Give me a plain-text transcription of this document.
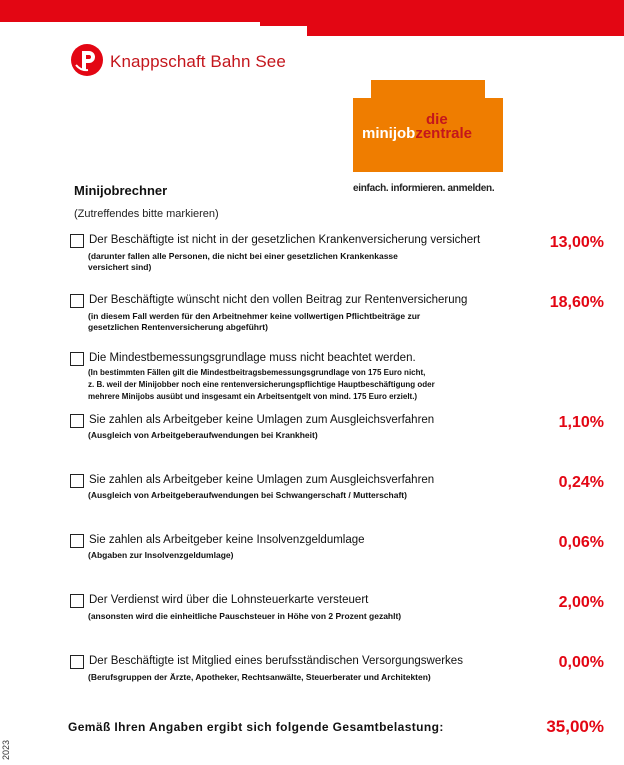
Knappschaft Bahn See
die
minijobzentrale
einfach. informieren. anmelden.
Minijobrechner
(Zutreffendes bitte markieren)
Der Beschäftigte ist nicht in der gesetzlichen Krankenversicherung versichert
(darunter fallen alle Personen, die nicht bei einer gesetzlichen Krankenkasse
versichert sind)
13,00%
Der Beschäftigte wünscht nicht den vollen Beitrag zur Rentenversicherung
(in diesem Fall werden für den Arbeitnehmer keine vollwertigen Pflichtbeiträge zur
gesetzlichen Rentenversicherung abgeführt)
18,60%
Die Mindestbemessungsgrundlage muss nicht beachtet werden.
(In bestimmten Fällen gilt die Mindestbeitragsbemessungsgrundlage von 175 Euro nicht,
z. B. weil der Minijobber noch eine rentenversicherungspflichtige Hauptbeschäftigung oder
mehrere Minijobs ausübt und insgesamt ein Arbeitsentgelt von mind. 175 Euro erzielt.)
Sie zahlen als Arbeitgeber keine Umlagen zum Ausgleichsverfahren
(Ausgleich von Arbeitgeberaufwendungen bei Krankheit)
1,10%
Sie zahlen als Arbeitgeber keine Umlagen zum Ausgleichsverfahren
(Ausgleich von Arbeitgeberaufwendungen bei Schwangerschaft / Mutterschaft)
0,24%
Sie zahlen als Arbeitgeber keine Insolvenzgeldumlage
(Abgaben zur Insolvenzgeldumlage)
0,06%
Der Verdienst wird über die Lohnsteuerkarte versteuert
(ansonsten wird die einheitliche Pauschsteuer in Höhe von 2 Prozent gezahlt)
2,00%
Der Beschäftigte ist Mitglied eines berufsständischen Versorgungswerkes
(Berufsgruppen der Ärzte, Apotheker, Rechtsanwälte, Steuerberater und Architekten)
0,00%
Gemäß Ihren Angaben ergibt sich folgende Gesamtbelastung:	35,00%
2023
